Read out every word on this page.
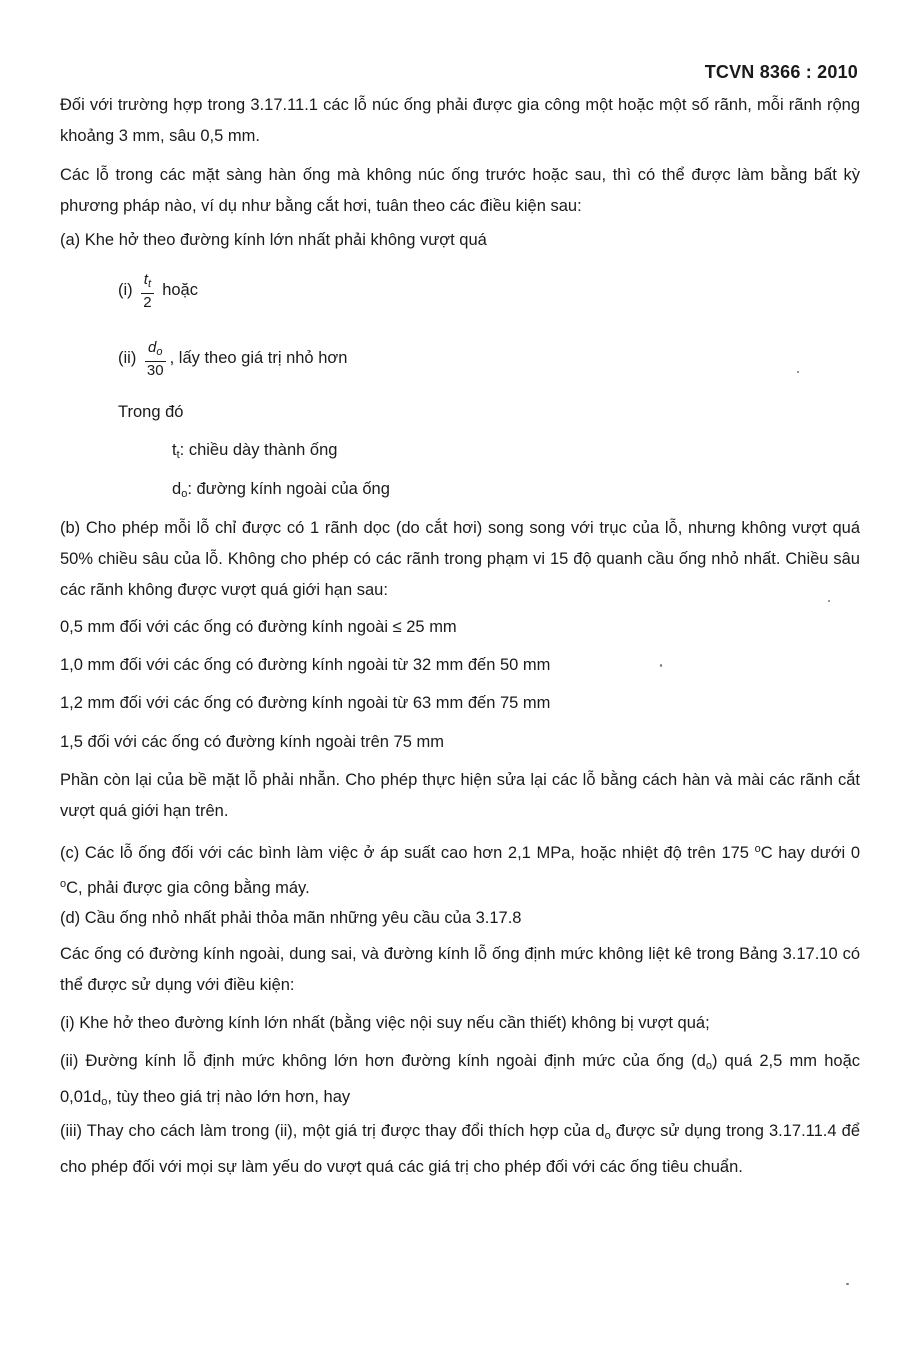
TCVN 8366 : 2010
Đối với trường hợp trong 3.17.11.1 các lỗ núc ống phải được gia công một hoặc một số rãnh, mỗi rãnh rộng khoảng 3 mm, sâu 0,5 mm.
Các lỗ trong các mặt sàng hàn ống mà không núc ống trước hoặc sau, thì có thể được làm bằng bất kỳ phương pháp nào, ví dụ như bằng cắt hơi, tuân theo các điều kiện sau:
(a) Khe hở theo đường kính lớn nhất phải không vượt quá
$(i) \frac{t_t}{2}$ hoặc
$(ii) \frac{d_o}{30}$ , lấy theo giá trị nhỏ hơn
Trong đó
$t_t$: chiều dày thành ống
$d_o$: đường kính ngoài của ống
(b) Cho phép mỗi lỗ chỉ được có 1 rãnh dọc (do cắt hơi) song song với trục của lỗ, nhưng không vượt quá 50% chiều sâu của lỗ. Không cho phép có các rãnh trong phạm vi 15 độ quanh cầu ống nhỏ nhất. Chiều sâu các rãnh không được vượt quá giới hạn sau:
0,5 mm đối với các ống có đường kính ngoài ≤ 25 mm
1,0 mm đối với các ống có đường kính ngoài từ 32 mm đến 50 mm
1,2 mm đối với các ống có đường kính ngoài từ 63 mm đến 75 mm
1,5 đối với các ống có đường kính ngoài trên 75 mm
Phần còn lại của bề mặt lỗ phải nhẵn. Cho phép thực hiện sửa lại các lỗ bằng cách hàn và mài các rãnh cắt vượt quá giới hạn trên.
(c) Các lỗ ống đối với các bình làm việc ở áp suất cao hơn 2,1 MPa, hoặc nhiệt độ trên 175 $^o$C hay dưới 0 $^o$C, phải được gia công bằng máy.
(d) Cầu ống nhỏ nhất phải thỏa mãn những yêu cầu của 3.17.8
Các ống có đường kính ngoài, dung sai, và đường kính lỗ ống định mức không liệt kê trong Bảng 3.17.10 có thể được sử dụng với điều kiện:
(i) Khe hở theo đường kính lớn nhất (bằng việc nội suy nếu cần thiết) không bị vượt quá;
(ii) Đường kính lỗ định mức không lớn hơn đường kính ngoài định mức của ống $(d_o)$ quá 2,5 mm hoặc $0,01d_o$, tùy theo giá trị nào lớn hơn, hay
(iii) Thay cho cách làm trong (ii), một giá trị được thay đổi thích hợp của $d_o$ được sử dụng trong 3.17.11.4 để cho phép đối với mọi sự làm yếu do vượt quá các giá trị cho phép đối với các ống tiêu chuẩn.
